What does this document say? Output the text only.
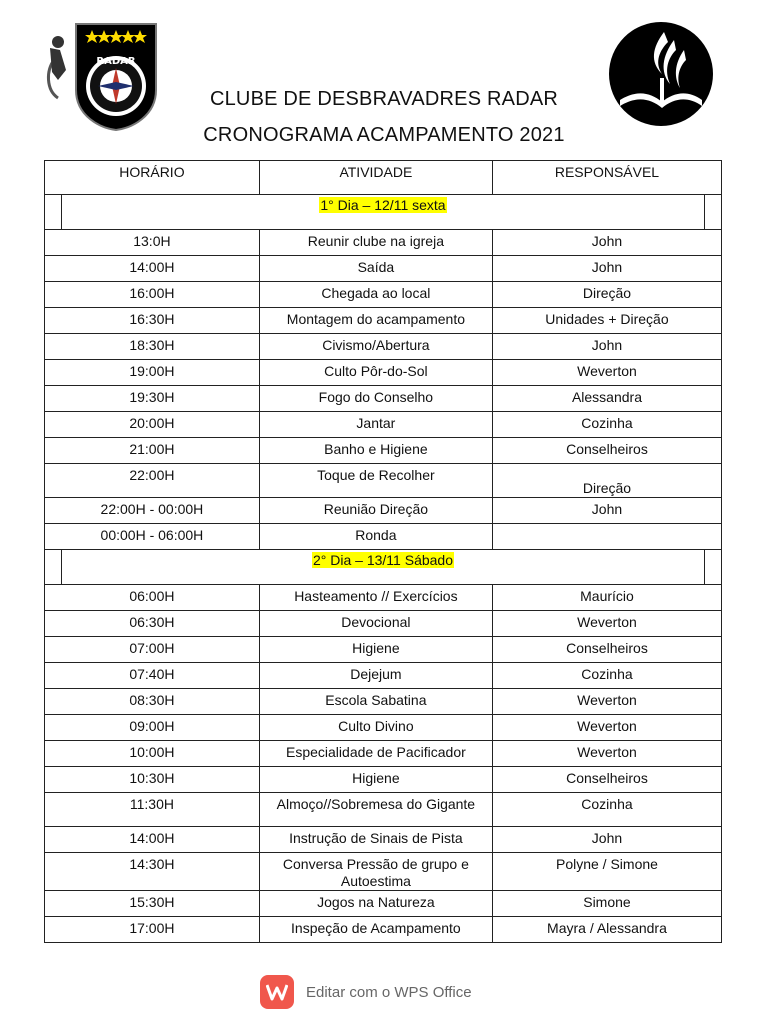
RADAR
CLUBE DE DESBRAVADRES RADAR
CRONOGRAMA ACAMPAMENTO 2021
HORÁRIO	ATIVIDADE	RESPONSÁVEL

1° Dia – 12/11 sexta		

13:0H	Reunir clube na igreja	John
14:00H	Saída	John
16:00H	Chegada ao local	Direção
16:30H	Montagem do acampamento	Unidades + Direção
18:30H	Civismo/Abertura	John
19:00H	Culto Pôr-do-Sol	Weverton
19:30H	Fogo do Conselho	Alessandra
20:00H	Jantar	Cozinha
21:00H	Banho e Higiene	Conselheiros
22:00H	Toque de Recolher	Direção
22:00H - 00:00H	Reunião Direção	John
00:00H - 06:00H	Ronda	

2° Dia – 13/11 Sábado		

06:00H	Hasteamento // Exercícios	Maurício
06:30H	Devocional	Weverton
07:00H	Higiene	Conselheiros
07:40H	Dejejum	Cozinha
08:30H	Escola Sabatina	Weverton
09:00H	Culto Divino	Weverton
10:00H	Especialidade de Pacificador	Weverton
10:30H	Higiene	Conselheiros
11:30H	Almoço//Sobremesa do Gigante	Cozinha
14:00H	Instrução de Sinais de Pista	John
14:30H	Conversa Pressão de grupo e Autoestima	Polyne / Simone
15:30H	Jogos na Natureza	Simone
17:00H	Inspeção de Acampamento	Mayra / Alessandra
Editar com o WPS Office
